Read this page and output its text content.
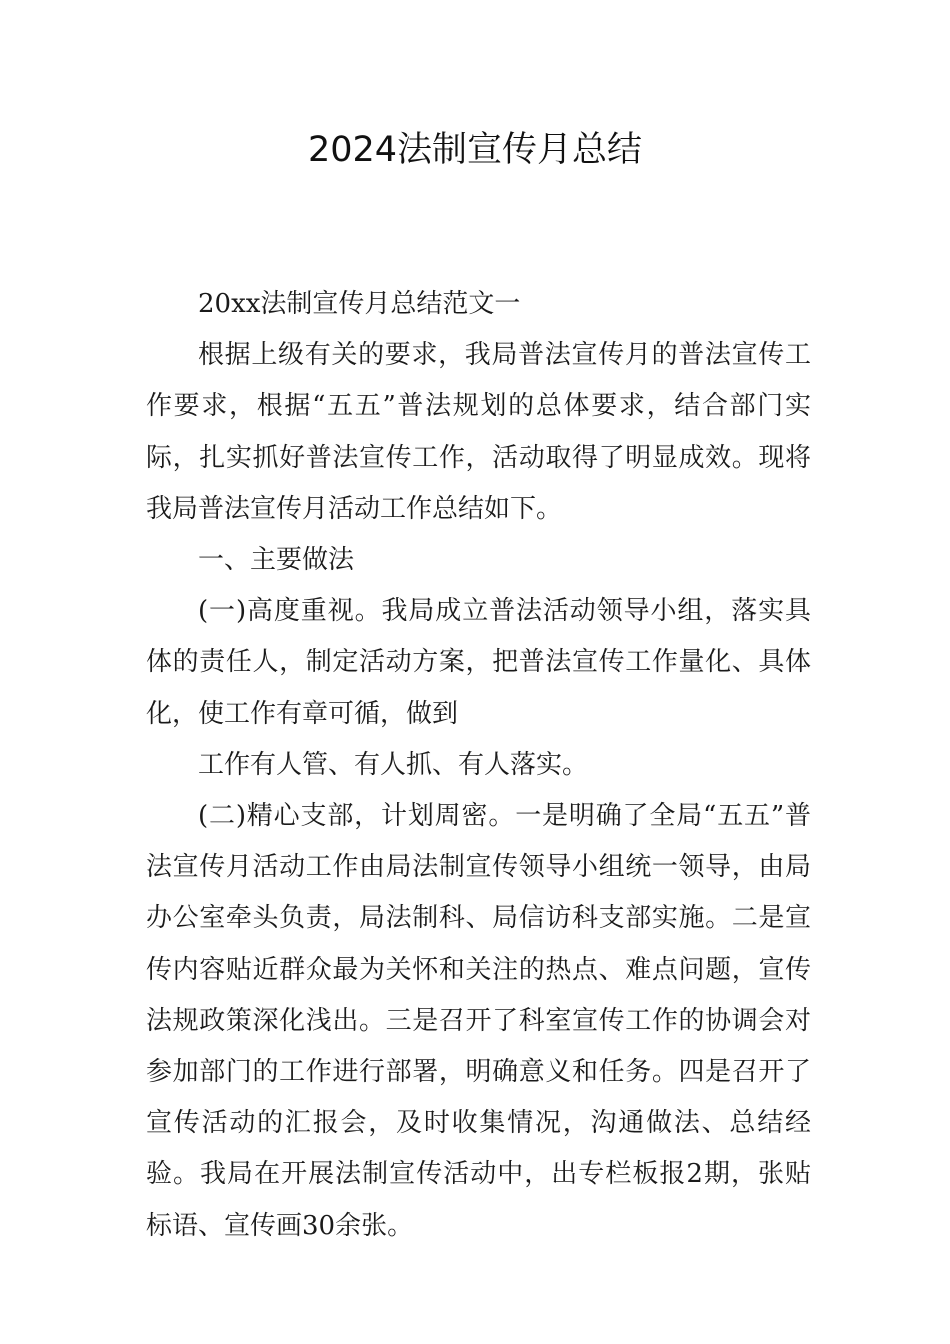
2024法制宣传月总结

20xx法制宣传月总结范文一

根据上级有关的要求，我局普法宣传月的普法宣传工作要求，根据“五五”普法规划的总体要求，结合部门实际，扎实抓好普法宣传工作，活动取得了明显成效。现将我局普法宣传月活动工作总结如下。

一、主要做法

(一)高度重视。我局成立普法活动领导小组，落实具体的责任人，制定活动方案，把普法宣传工作量化、具体化，使工作有章可循，做到

工作有人管、有人抓、有人落实。

(二)精心支部，计划周密。一是明确了全局“五五”普法宣传月活动工作由局法制宣传领导小组统一领导，由局办公室牵头负责，局法制科、局信访科支部实施。二是宣传内容贴近群众最为关怀和关注的热点、难点问题，宣传法规政策深化浅出。三是召开了科室宣传工作的协调会对参加部门的工作进行部署，明确意义和任务。四是召开了宣传活动的汇报会，及时收集情况，沟通做法、总结经验。我局在开展法制宣传活动中，出专栏板报2期，张贴标语、宣传画30余张。
